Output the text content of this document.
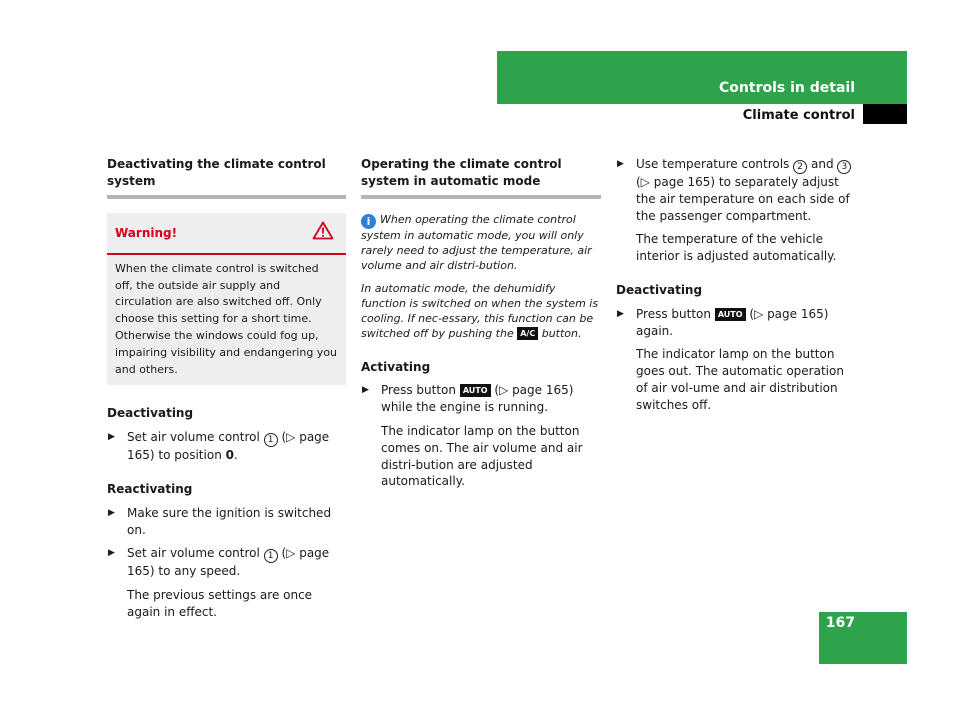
Controls in detail
Climate control
Deactivating the climate control system
Warning!
When the climate control is switched off, the outside air supply and circulation are also switched off. Only choose this setting for a short time. Otherwise the windows could fog up, impairing visibility and endangering you and others.
Deactivating
▶ Set air volume control 1 (▷ page 165) to position 0.
Reactivating
▶ Make sure the ignition is switched on.
▶ Set air volume control 1 (▷ page 165) to any speed.
The previous settings are once again in effect.
Operating the climate control system in automatic mode
i When operating the climate control system in automatic mode, you will only rarely need to adjust the temperature, air volume and air distri-bution.
In automatic mode, the dehumidify function is switched on when the system is cooling. If nec-essary, this function can be switched off by pushing the A/C button.
Activating
▶ Press button AUTO (▷ page 165) while the engine is running.
The indicator lamp on the button comes on. The air volume and air distri-bution are adjusted automatically.
▶ Use temperature controls 2 and 3 (▷ page 165) to separately adjust the air temperature on each side of the passenger compartment.
The temperature of the vehicle interior is adjusted automatically.
Deactivating
▶ Press button AUTO (▷ page 165) again.
The indicator lamp on the button goes out. The automatic operation of air vol-ume and air distribution switches off.
167
